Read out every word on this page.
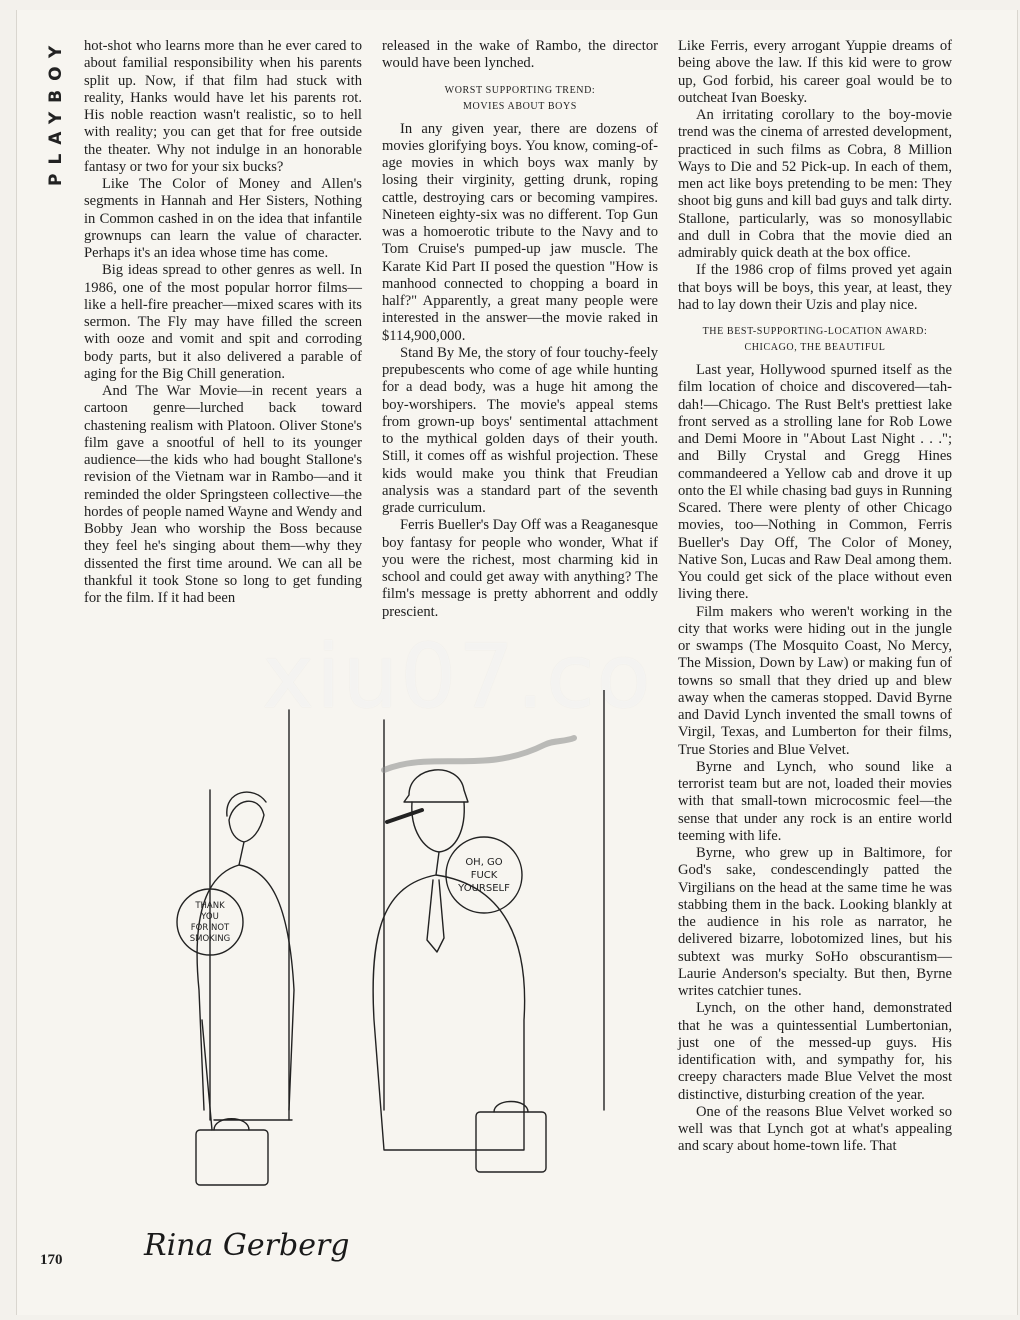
PLAYBOY hot-shot who learns more than he ever cared to about familial responsibility when his parents split up. Now, if that film had stuck with reality, Hanks would have let his parents rot. His noble reaction wasn't realistic, so to hell with reality; you can get that for free outside the theater. Why not indulge in an honorable fantasy or two for your six bucks?

Like The Color of Money and Allen's segments in Hannah and Her Sisters, Nothing in Common cashed in on the idea that infantile grownups can learn the value of character. Perhaps it's an idea whose time has come.

Big ideas spread to other genres as well. In 1986, one of the most popular horror films—like a hell-fire preacher—mixed scares with its sermon. The Fly may have filled the screen with ooze and vomit and spit and corroding body parts, but it also delivered a parable of aging for the Big Chill generation.

And The War Movie—in recent years a cartoon genre—lurched back toward chastening realism with Platoon. Oliver Stone's film gave a snootful of hell to its younger audience—the kids who had bought Stallone's revision of the Vietnam war in Rambo—and it reminded the older Springsteen collective—the hordes of people named Wayne and Wendy and Bobby Jean who worship the Boss because they feel he's singing about them—why they dissented the first time around. We can all be thankful it took Stone so long to get funding for the film. If it had been

released in the wake of Rambo, the director would have been lynched.

WORST SUPPORTING TREND:
MOVIES ABOUT BOYS

In any given year, there are dozens of movies glorifying boys. You know, coming-of-age movies in which boys wax manly by losing their virginity, getting drunk, roping cattle, destroying cars or becoming vampires. Nineteen eighty-six was no different. Top Gun was a homoerotic tribute to the Navy and to Tom Cruise's pumped-up jaw muscle. The Karate Kid Part II posed the question "How is manhood connected to chopping a board in half?" Apparently, a great many people were interested in the answer—the movie raked in $114,900,000.

Stand By Me, the story of four touchy-feely prepubescents who come of age while hunting for a dead body, was a huge hit among the boy-worshipers. The movie's appeal stems from grown-up boys' sentimental attachment to the mythical golden days of their youth. Still, it comes off as wishful projection. These kids would make you think that Freudian analysis was a standard part of the seventh grade curriculum.

Ferris Bueller's Day Off was a Reaganesque boy fantasy for people who wonder, What if you were the richest, most charming kid in school and could get away with anything? The film's message is pretty abhorrent and oddly prescient.

Like Ferris, every arrogant Yuppie dreams of being above the law. If this kid were to grow up, God forbid, his career goal would be to outcheat Ivan Boesky.

An irritating corollary to the boy-movie trend was the cinema of arrested development, practiced in such films as Cobra, 8 Million Ways to Die and 52 Pick-up. In each of them, men act like boys pretending to be men: They shoot big guns and kill bad guys and talk dirty. Stallone, particularly, was so monosyllabic and dull in Cobra that the movie died an admirably quick death at the box office.

If the 1986 crop of films proved yet again that boys will be boys, this year, at least, they had to lay down their Uzis and play nice.

THE BEST-SUPPORTING-LOCATION AWARD:
CHICAGO, THE BEAUTIFUL

Last year, Hollywood spurned itself as the film location of choice and discovered—tah-dah!—Chicago. The Rust Belt's prettiest lake front served as a strolling lane for Rob Lowe and Demi Moore in "About Last Night . . ."; and Billy Crystal and Gregg Hines commandeered a Yellow cab and drove it up onto the El while chasing bad guys in Running Scared. There were plenty of other Chicago movies, too—Nothing in Common, Ferris Bueller's Day Off, The Color of Money, Native Son, Lucas and Raw Deal among them. You could get sick of the place without even living there.

Film makers who weren't working in the city that works were hiding out in the jungle or swamps (The Mosquito Coast, No Mercy, The Mission, Down by Law) or making fun of towns so small that they dried up and blew away when the cameras stopped. David Byrne and David Lynch invented the small towns of Virgil, Texas, and Lumberton for their films, True Stories and Blue Velvet.

Byrne and Lynch, who sound like a terrorist team but are not, loaded their movies with that small-town microcosmic feel—the sense that under any rock is an entire world teeming with life.

Byrne, who grew up in Baltimore, for God's sake, condescendingly patted the Virgilians on the head at the same time he was stabbing them in the back. Looking blankly at the audience in his role as narrator, he delivered bizarre, lobotomized lines, but his subtext was murky SoHo obscurantism—Laurie Anderson's specialty. But then, Byrne writes catchier tunes.

Lynch, on the other hand, demonstrated that he was a quintessential Lumbertonian, just one of the messed-up guys. His identification with, and sympathy for, his creepy characters made Blue Velvet the most distinctive, disturbing creation of the year.

One of the reasons Blue Velvet worked so well was that Lynch got at what's appealing and scary about home-town life. That

xiu07.co
THANK
YOU
FOR NOT
SMOKING
OH, GO
FUCK
YOURSELF
Rina Gerberg
170
